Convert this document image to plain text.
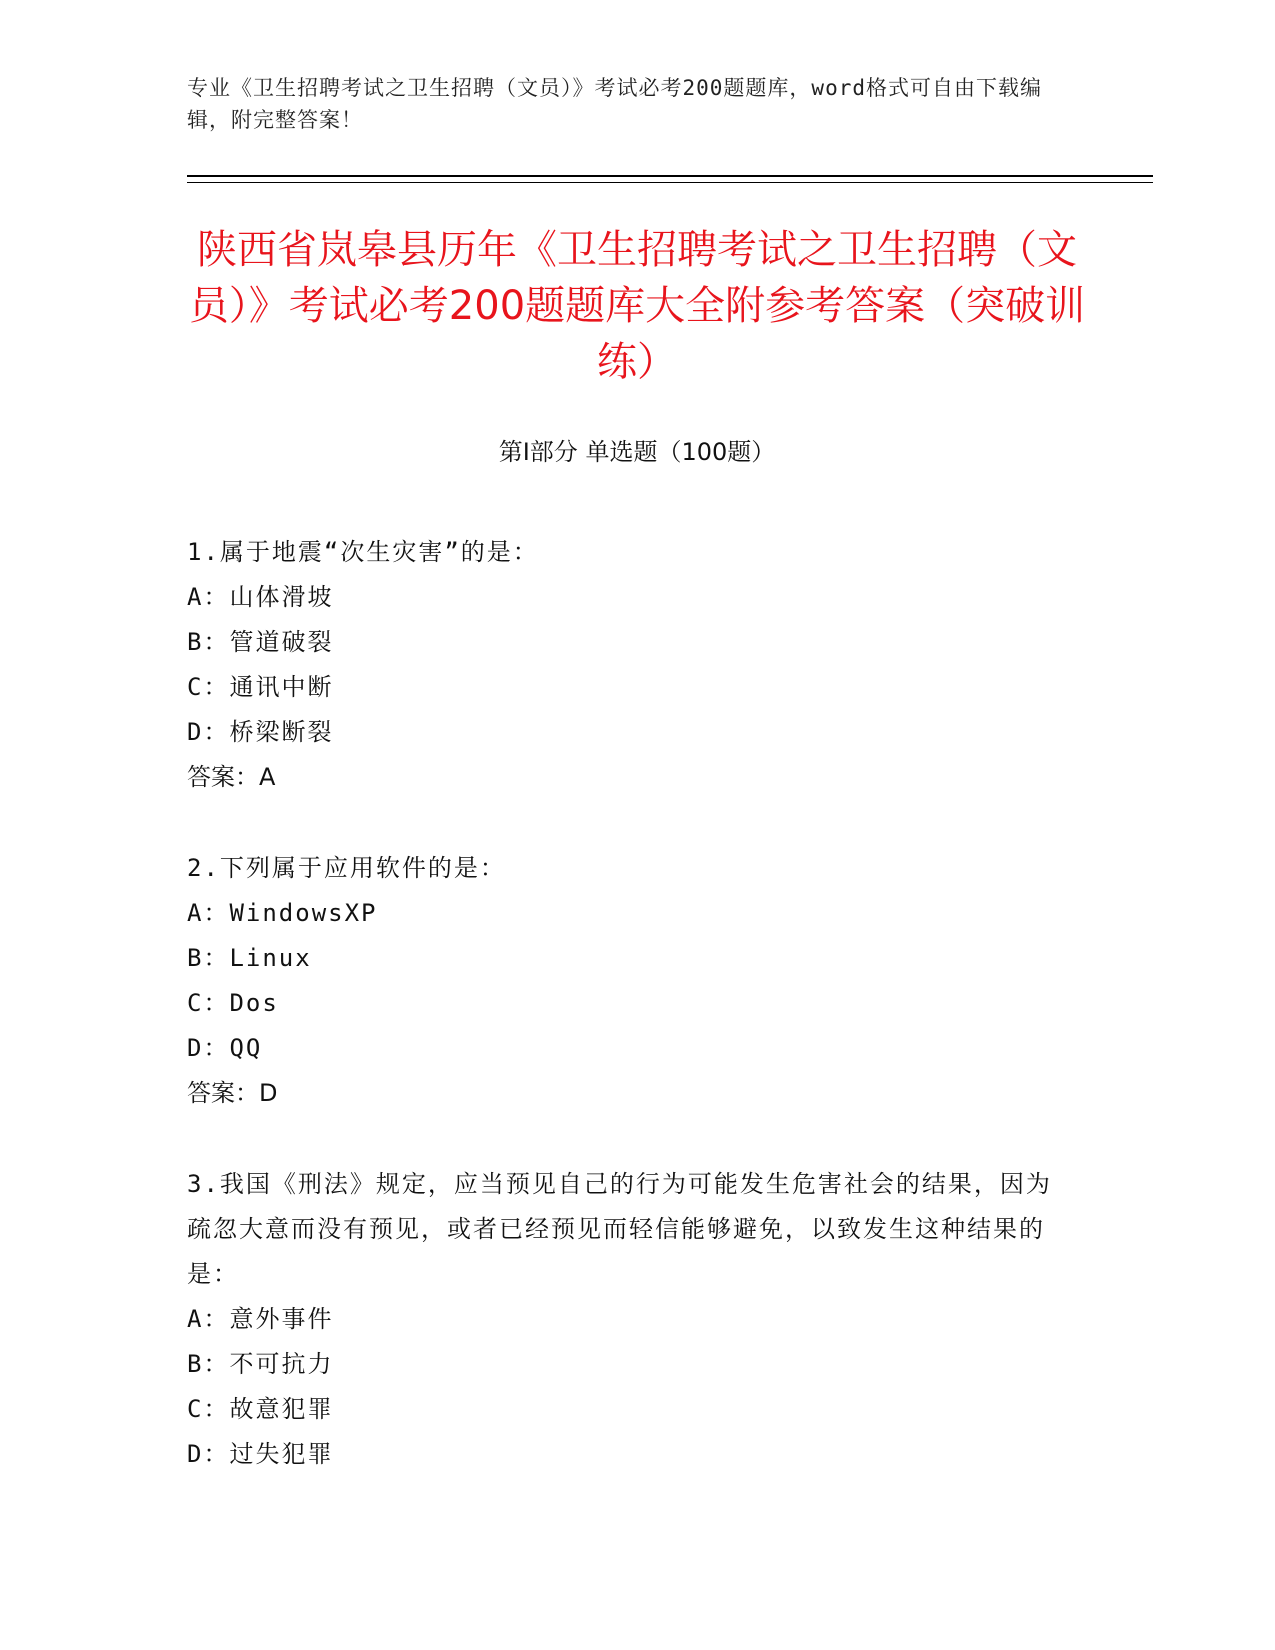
专业《卫生招聘考试之卫生招聘（文员）》考试必考200题题库，word格式可自由下载编辑，附完整答案！
陕西省岚皋县历年《卫生招聘考试之卫生招聘（文员）》考试必考200题题库大全附参考答案（突破训练）
第I部分 单选题（100题）
1.属于地震“次生灾害”的是：
A：山体滑坡
B：管道破裂
C：通讯中断
D：桥梁断裂
答案：A
2.下列属于应用软件的是：
A：WindowsXP
B：Linux
C：Dos
D：QQ
答案：D
3.我国《刑法》规定，应当预见自己的行为可能发生危害社会的结果，因为疏忽大意而没有预见，或者已经预见而轻信能够避免，以致发生这种结果的是：
A：意外事件
B：不可抗力
C：故意犯罪
D：过失犯罪
